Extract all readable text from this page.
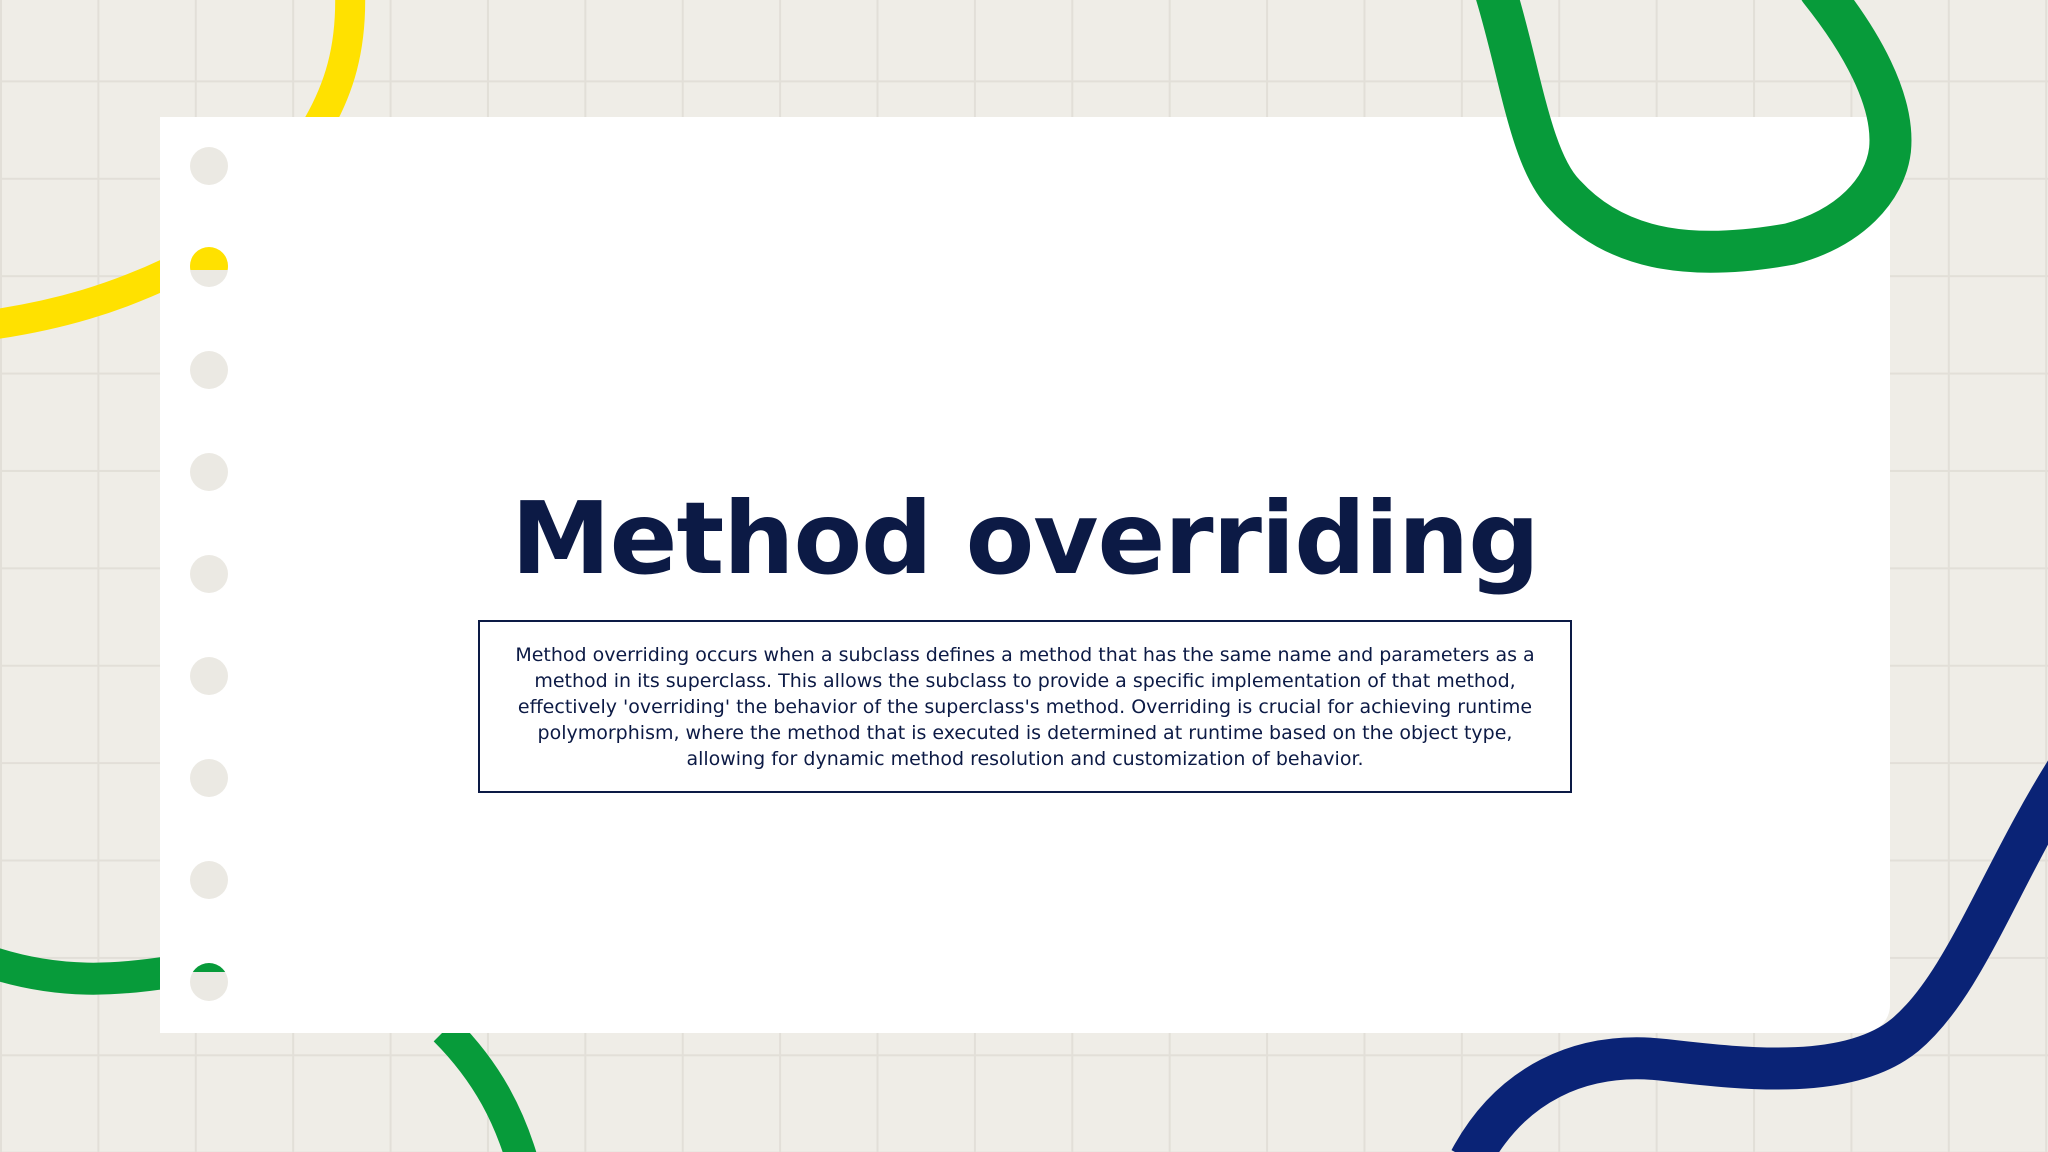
Method overriding

Method overriding occurs when a subclass defines a method that has the same name and parameters as a method in its superclass. This allows the subclass to provide a specific implementation of that method, effectively 'overriding' the behavior of the superclass's method. Overriding is crucial for achieving runtime polymorphism, where the method that is executed is determined at runtime based on the object type, allowing for dynamic method resolution and customization of behavior.
